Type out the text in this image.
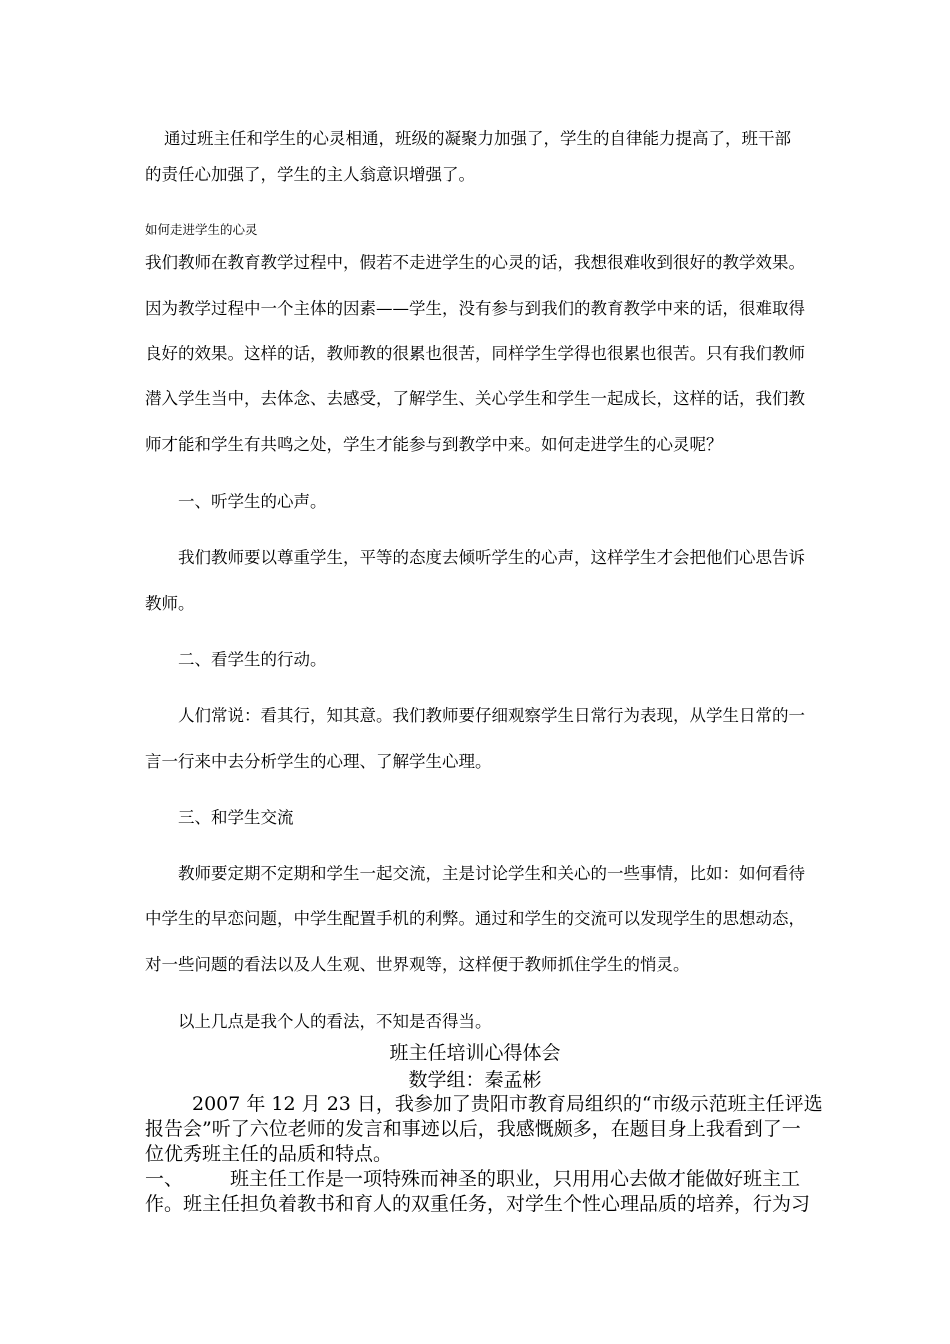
通过班主任和学生的心灵相通，班级的凝聚力加强了，学生的自律能力提高了，班干部
的责任心加强了，学生的主人翁意识增强了。
如何走进学生的心灵
我们教师在教育教学过程中，假若不走进学生的心灵的话，我想很难收到很好的教学效果。
因为教学过程中一个主体的因素——学生，没有参与到我们的教育教学中来的话，很难取得
良好的效果。这样的话，教师教的很累也很苦，同样学生学得也很累也很苦。只有我们教师
潜入学生当中，去体念、去感受，了解学生、关心学生和学生一起成长，这样的话，我们教
师才能和学生有共鸣之处，学生才能参与到教学中来。如何走进学生的心灵呢？
一、听学生的心声。
我们教师要以尊重学生，平等的态度去倾听学生的心声，这样学生才会把他们心思告诉
教师。
二、看学生的行动。
人们常说：看其行，知其意。我们教师要仔细观察学生日常行为表现，从学生日常的一
言一行来中去分析学生的心理、了解学生心理。
三、和学生交流
教师要定期不定期和学生一起交流，主是讨论学生和关心的一些事情，比如：如何看待
中学生的早恋问题，中学生配置手机的利弊。通过和学生的交流可以发现学生的思想动态，
对一些问题的看法以及人生观、世界观等，这样便于教师抓住学生的悄灵。
以上几点是我个人的看法，不知是否得当。
班主任培训心得体会
数学组：秦孟彬
2007 年 12 月 23 日，我参加了贵阳市教育局组织的“市级示范班主任评选
报告会”听了六位老师的发言和事迹以后，我感慨颇多，在题目身上我看到了一
位优秀班主任的品质和特点。
一、 班主任工作是一项特殊而神圣的职业，只用用心去做才能做好班主工
作。班主任担负着教书和育人的双重任务，对学生个性心理品质的培养，行为习
